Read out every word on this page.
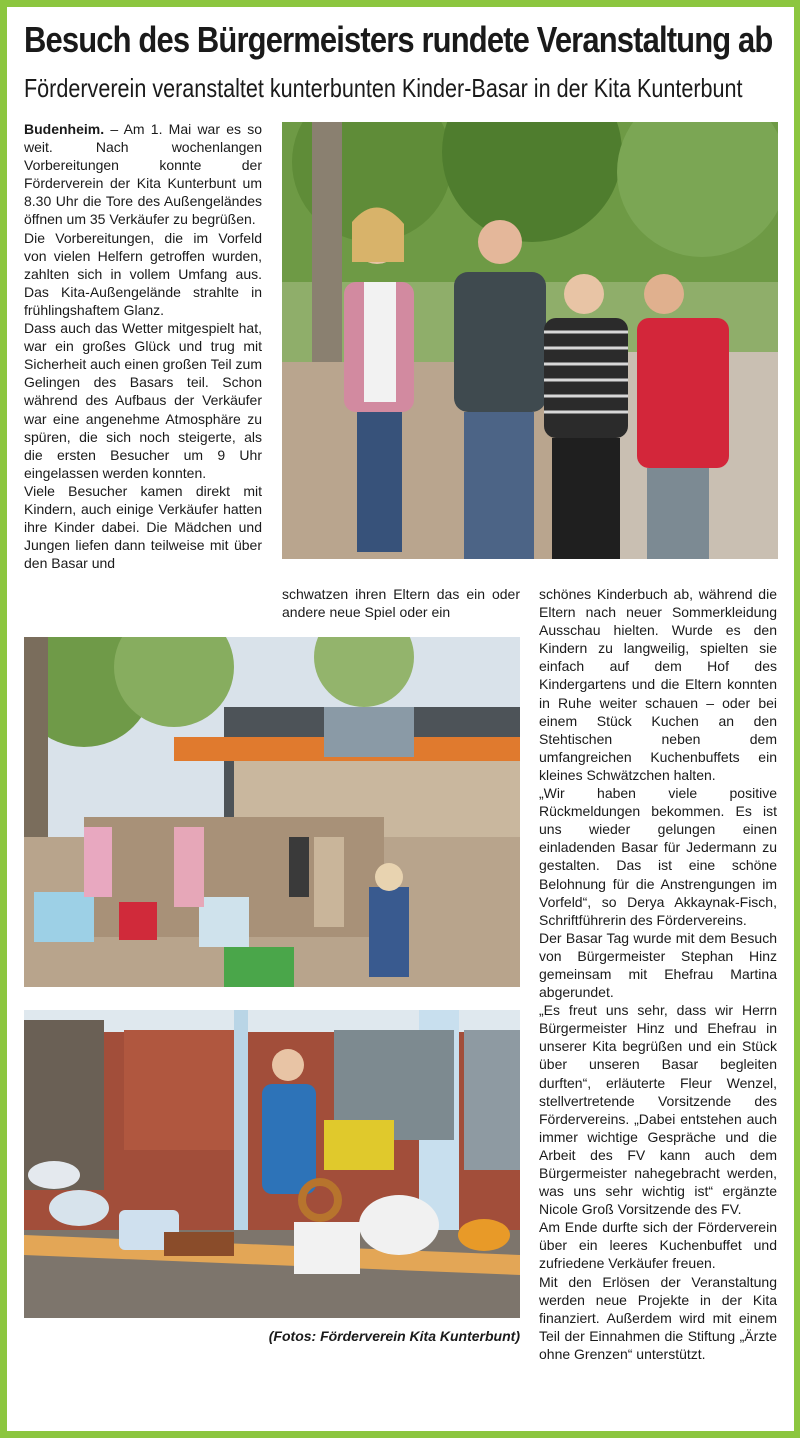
Besuch des Bürgermeisters rundete Veranstaltung ab
Förderverein veranstaltet kunterbunten Kinder-Basar in der Kita Kunterbunt

Budenheim. – Am 1. Mai war es so weit. Nach wochenlangen Vorbereitungen konnte der Förderverein der Kita Kunterbunt um 8.30 Uhr die Tore des Außengeländes öffnen um 35 Verkäufer zu begrüßen.

Die Vorbereitungen, die im Vorfeld von vielen Helfern getroffen wurden, zahlten sich in vollem Umfang aus. Das Kita-Außengelände strahlte in frühlingshaftem Glanz.

Dass auch das Wetter mitgespielt hat, war ein großes Glück und trug mit Sicherheit auch einen großen Teil zum Gelingen des Basars teil. Schon während des Aufbaus der Verkäufer war eine angenehme Atmosphäre zu spüren, die sich noch steigerte, als die ersten Besucher um 9 Uhr eingelassen werden konnten.

Viele Besucher kamen direkt mit Kindern, auch einige Verkäufer hatten ihre Kinder dabei. Die Mädchen und Jungen liefen dann teilweise mit über den Basar und

schwatzen ihren Eltern das ein oder andere neue Spiel oder ein

schönes Kinderbuch ab, während die Eltern nach neuer Sommerkleidung Ausschau hielten. Wurde es den Kindern zu langweilig, spielten sie einfach auf dem Hof des Kindergartens und die Eltern konnten in Ruhe weiter schauen – oder bei einem Stück Kuchen an den Stehtischen neben dem umfangreichen Kuchenbuffets ein kleines Schwätzchen halten.

„Wir haben viele positive Rückmeldungen bekommen. Es ist uns wieder gelungen einen einladenden Basar für Jedermann zu gestalten. Das ist eine schöne Belohnung für die Anstrengungen im Vorfeld“, so Derya Akkaynak-Fisch, Schriftführerin des Fördervereins.

Der Basar Tag wurde mit dem Besuch von Bürgermeister Stephan Hinz gemeinsam mit Ehefrau Martina abgerundet.

„Es freut uns sehr, dass wir Herrn Bürgermeister Hinz und Ehefrau in unserer Kita begrüßen und ein Stück über unseren Basar begleiten durften“, erläuterte Fleur Wenzel, stellvertretende Vorsitzende des Fördervereins. „Dabei entstehen auch immer wichtige Gespräche und die Arbeit des FV kann auch dem Bürgermeister nahegebracht werden, was uns sehr wichtig ist“ ergänzte Nicole Groß Vorsitzende des FV.

Am Ende durfte sich der Förderverein über ein leeres Kuchenbuffet und zufriedene Verkäufer freuen.

Mit den Erlösen der Veranstaltung werden neue Projekte in der Kita finanziert. Außerdem wird mit einem Teil der Einnahmen die Stiftung „Ärzte ohne Grenzen“ unterstützt.

(Fotos: Förderverein Kita Kunterbunt)
